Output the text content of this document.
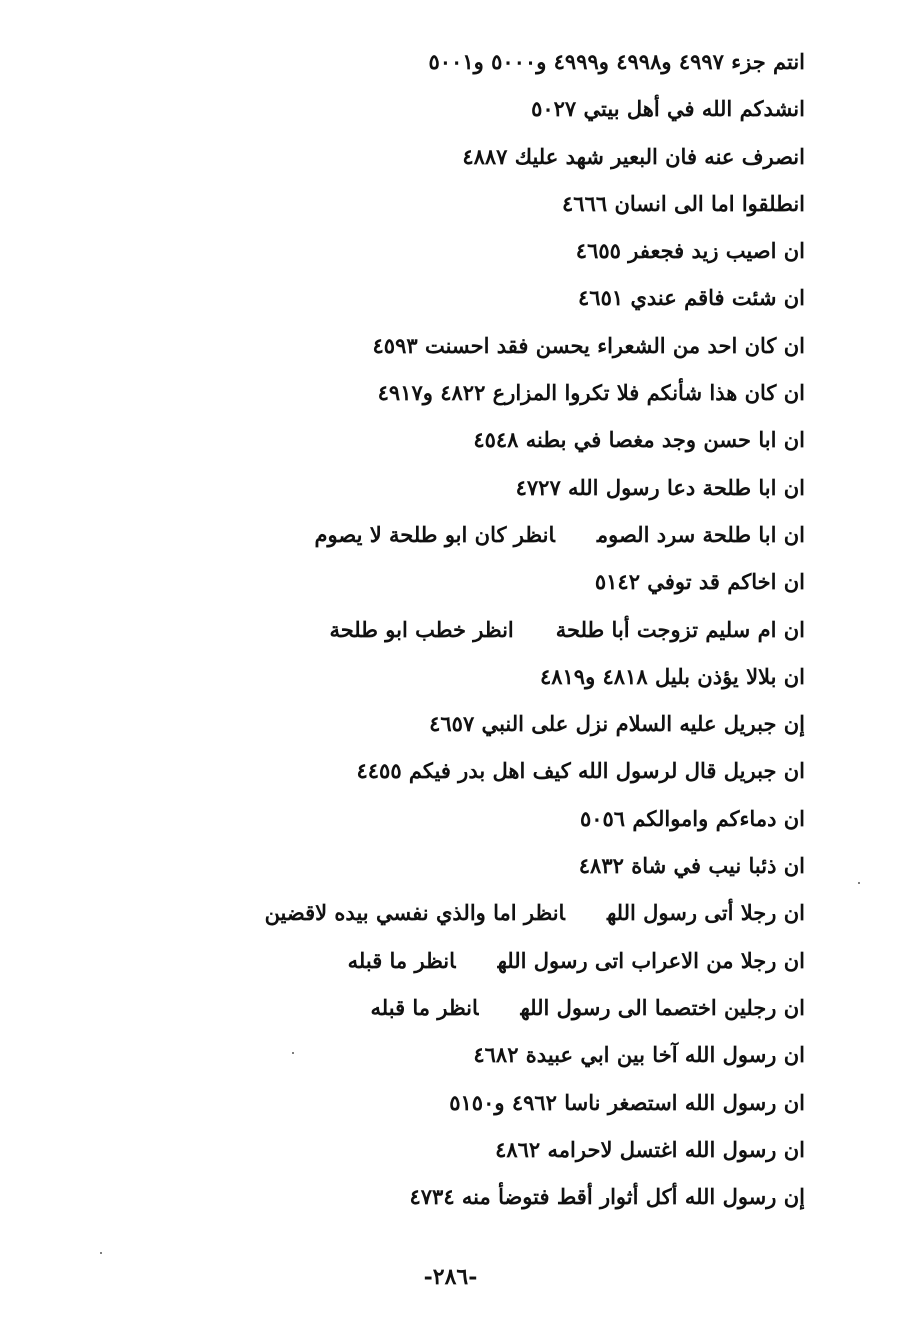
انتم جزء ٤٩٩٧ و٤٩٩٨ و٤٩٩٩ و٥٠٠٠ و٥٠٠١
انشدكم الله في أهل بيتي ٥٠٢٧
انصرف عنه فان البعير شهد عليك ٤٨٨٧
انطلقوا اما الى انسان ٤٦٦٦
ان اصيب زيد فجعفر ٤٦٥٥
ان شئت فاقم عندي ٤٦٥١
ان كان احد من الشعراء يحسن فقد احسنت ٤٥٩٣
ان كان هذا شأنكم فلا تكروا المزارع ٤٨٢٢ و٤٩١٧
ان ابا حسن وجد مغصا في بطنه ٤٥٤٨
ان ابا طلحة دعا رسول الله ٤٧٢٧
ان ابا طلحة سرد الصومانظر كان ابو طلحة لا يصوم
ان اخاكم قد توفي ٥١٤٢
ان ام سليم تزوجت أبا طلحةانظر خطب ابو طلحة
ان بلالا يؤذن بليل ٤٨١٨ و٤٨١٩
إن جبريل عليه السلام نزل على النبي ٤٦٥٧
ان جبريل قال لرسول الله كيف اهل بدر فيكم ٤٤٥٥
ان دماءكم واموالكم ٥٠٥٦
ان ذئبا نيب في شاة ٤٨٣٢
ان رجلا أتى رسول اللهانظر اما والذي نفسي بيده لاقضين
ان رجلا من الاعراب اتى رسول اللهانظر ما قبله
ان رجلين اختصما الى رسول اللهانظر ما قبله
ان رسول الله آخا بين ابي عبيدة ٤٦٨٢
ان رسول الله استصغر ناسا ٤٩٦٢ و٥١٥٠
ان رسول الله اغتسل لاحرامه ٤٨٦٢
إن رسول الله أكل أثوار أقط فتوضأ منه ٤٧٣٤
-٢٨٦-
